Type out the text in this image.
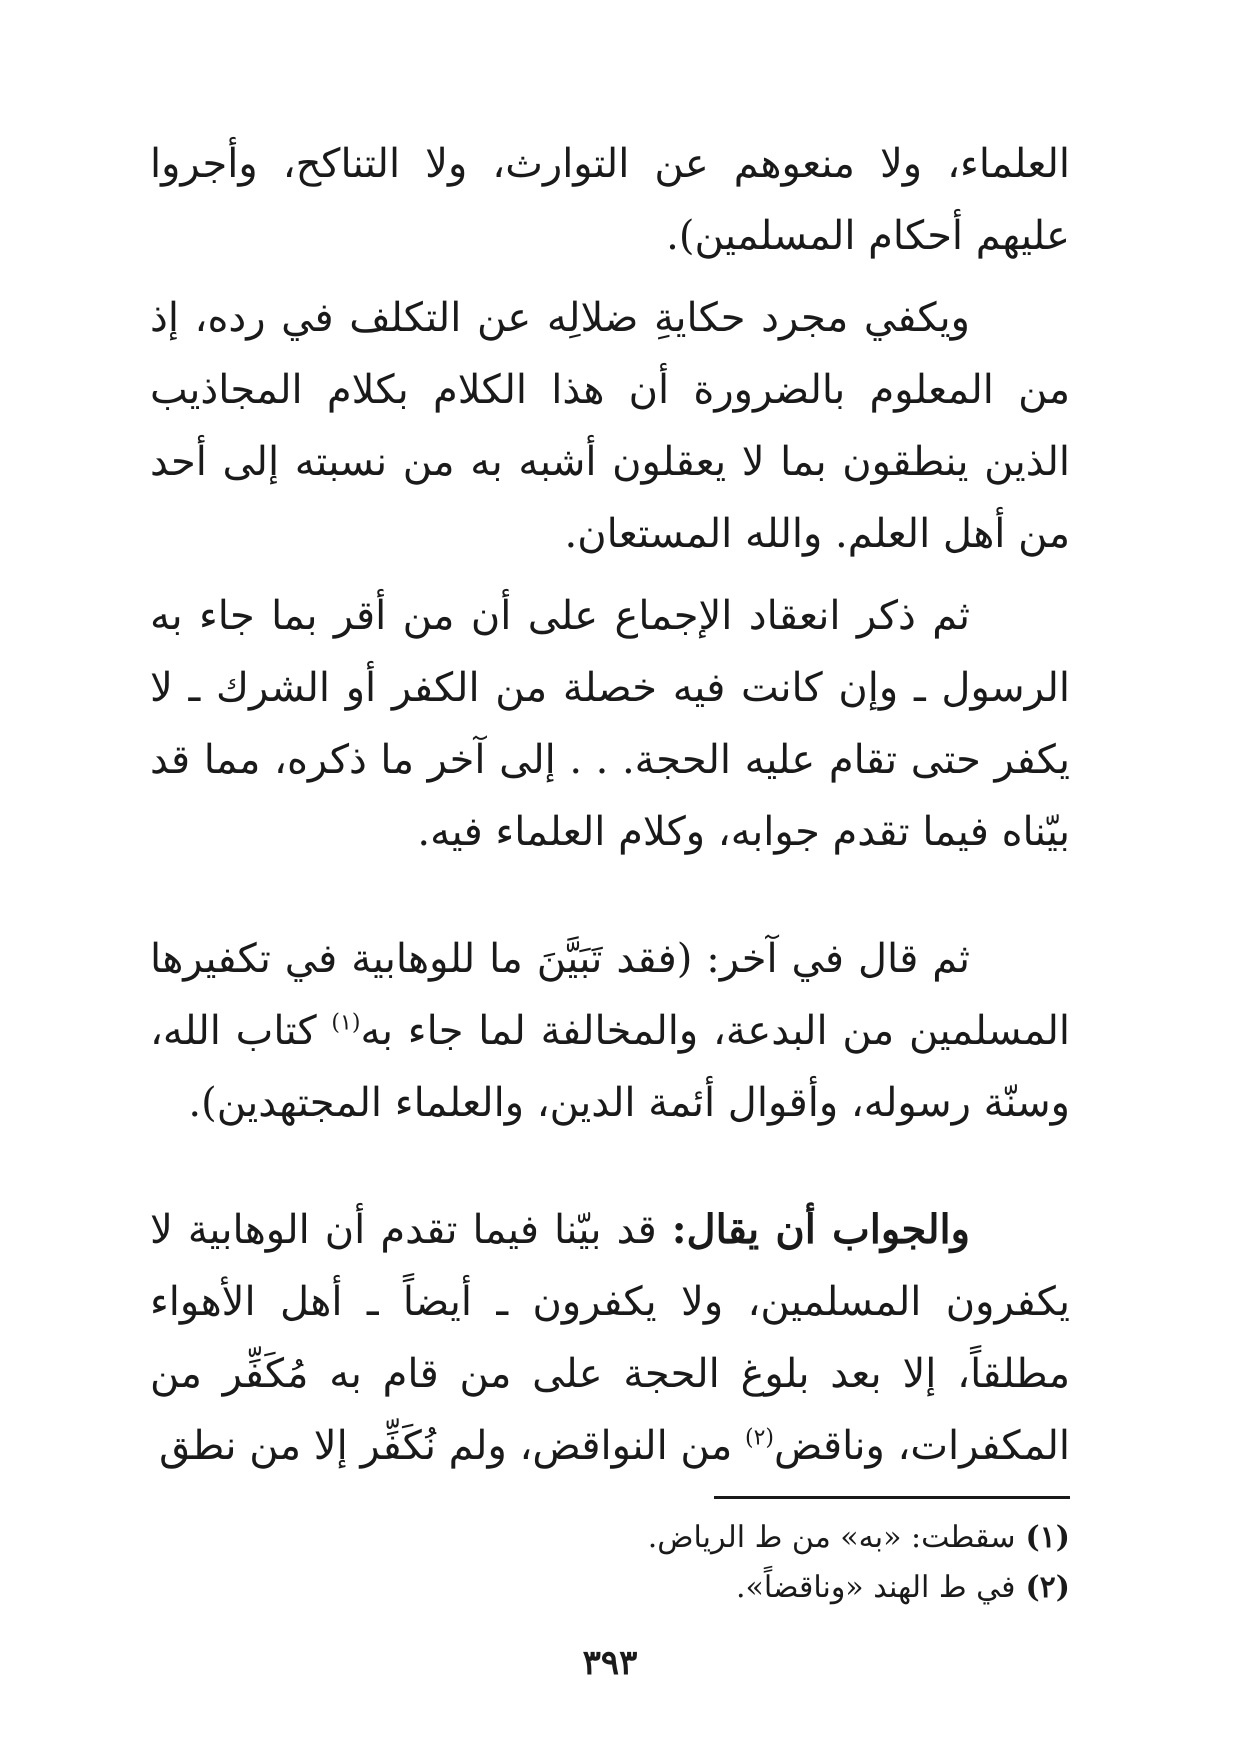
العلماء، ولا منعوهم عن التوارث، ولا التناكح، وأجروا عليهم أحكام المسلمين).

ويكفي مجرد حكايةِ ضلالِه عن التكلف في رده، إذ من المعلوم بالضرورة أن هذا الكلام بكلام المجاذيب الذين ينطقون بما لا يعقلون أشبه به من نسبته إلى أحد من أهل العلم. والله المستعان.

ثم ذكر انعقاد الإجماع على أن من أقر بما جاء به الرسول ـ وإن كانت فيه خصلة من الكفر أو الشرك ـ لا يكفر حتى تقام عليه الحجة. . . إلى آخر ما ذكره، مما قد بيّناه فيما تقدم جوابه، وكلام العلماء فيه.

ثم قال في آخر: (فقد تَبَيَّنَ ما للوهابية في تكفيرها المسلمين من البدعة، والمخالفة لما جاء به$^{(١)}$ كتاب الله، وسنّة رسوله، وأقوال أئمة الدين، والعلماء المجتهدين).

والجواب أن يقال: قد بيّنا فيما تقدم أن الوهابية لا يكفرون المسلمين، ولا يكفرون ـ أيضاً ـ أهل الأهواء مطلقاً، إلا بعد بلوغ الحجة على من قام به مُكَفِّر من المكفرات، وناقض$^{(٢)}$ من النواقض، ولم نُكَفِّر إلا من نطق

(١)سقطت: «به» من ط الرياض.

(٢)في ط الهند «وناقضاً».

٣٩٣
